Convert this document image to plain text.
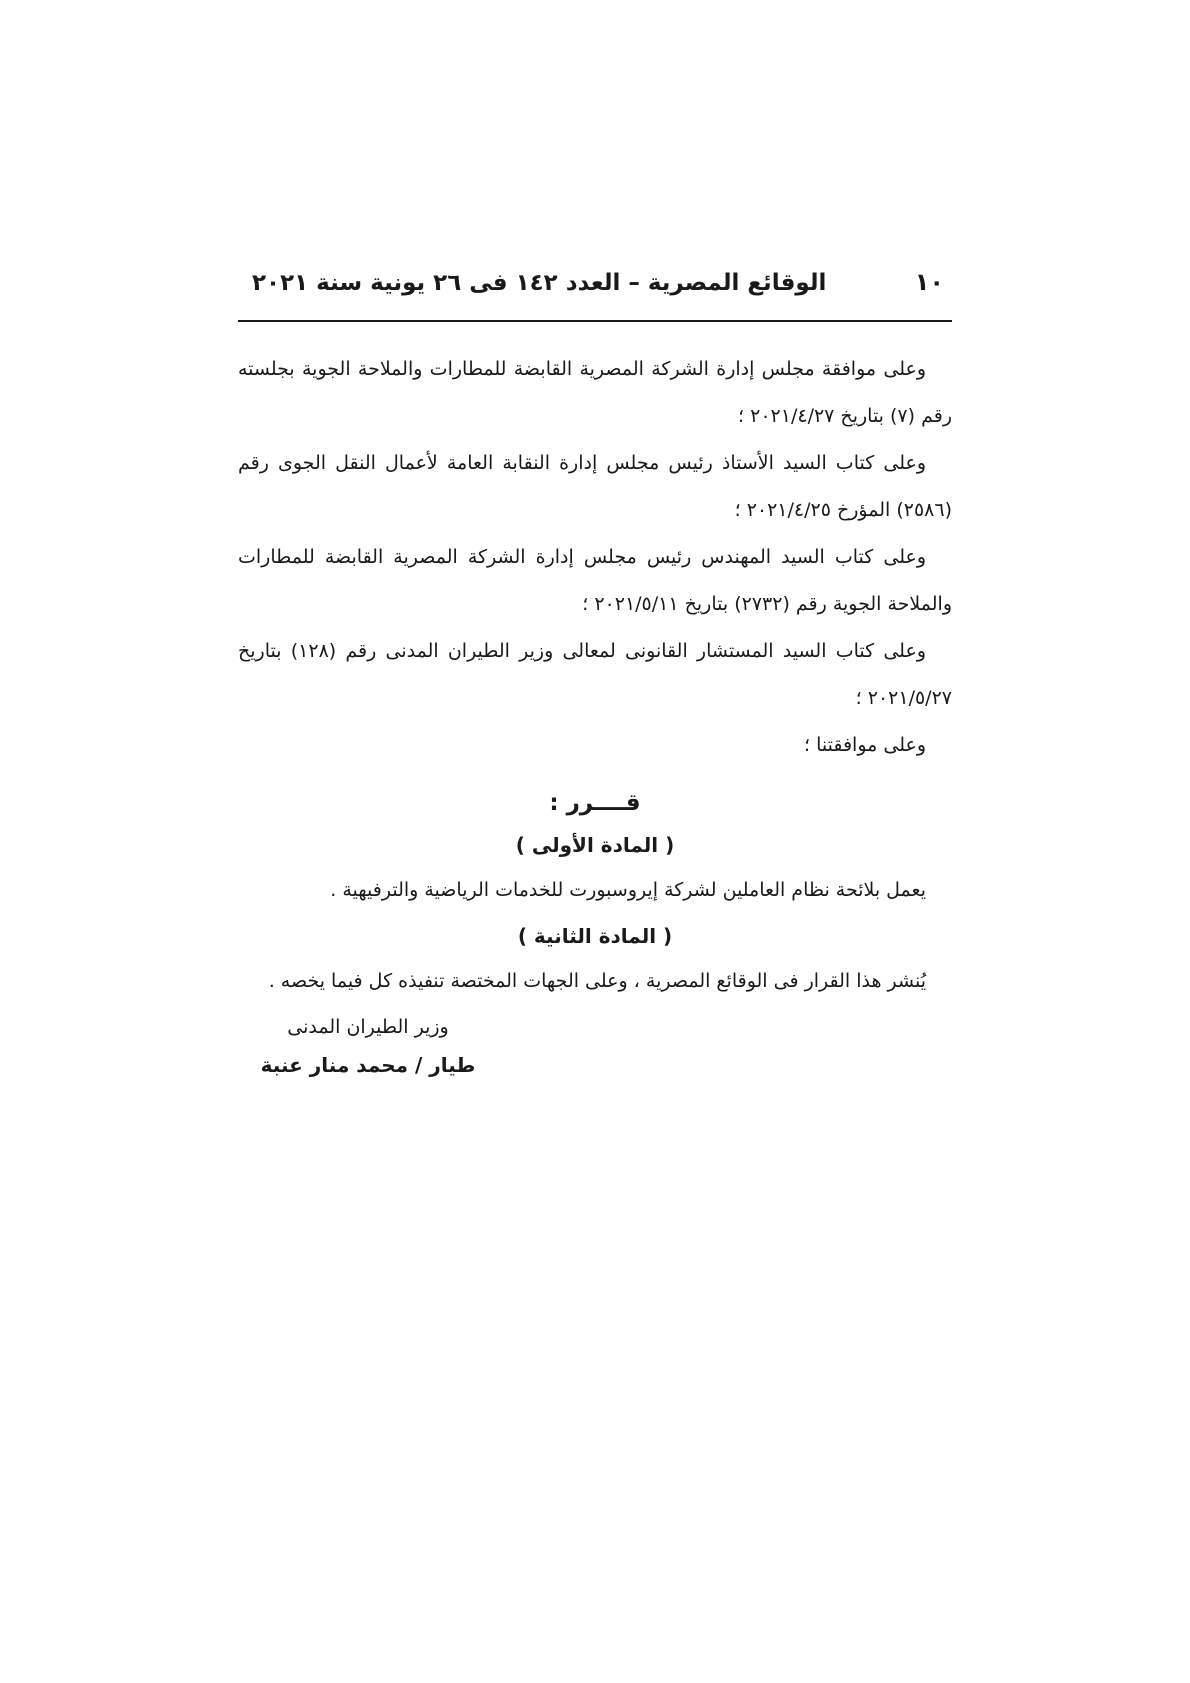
١٠
الوقائع المصرية – العدد ١٤٢ فى ٢٦ يونية سنة ٢٠٢١

وعلى موافقة مجلس إدارة الشركة المصرية القابضة للمطارات والملاحة الجوية بجلسته رقم (٧) بتاريخ ٢٠٢١/٤/٢٧ ؛

وعلى كتاب السيد الأستاذ رئيس مجلس إدارة النقابة العامة لأعمال النقل الجوى رقم (٢٥٨٦) المؤرخ ٢٠٢١/٤/٢٥ ؛

وعلى كتاب السيد المهندس رئيس مجلس إدارة الشركة المصرية القابضة للمطارات والملاحة الجوية رقم (٢٧٣٢) بتاريخ ٢٠٢١/٥/١١ ؛

وعلى كتاب السيد المستشار القانونى لمعالى وزير الطيران المدنى رقم (١٢٨) بتاريخ ٢٠٢١/٥/٢٧ ؛

وعلى موافقتنا ؛

قــــرر :

( المادة الأولى )

يعمل بلائحة نظام العاملين لشركة إيروسبورت للخدمات الرياضية والترفيهية .

( المادة الثانية )

يُنشر هذا القرار فى الوقائع المصرية ، وعلى الجهات المختصة تنفيذه كل فيما يخصه .

وزير الطيران المدنى
طيار / محمد منار عنبة
